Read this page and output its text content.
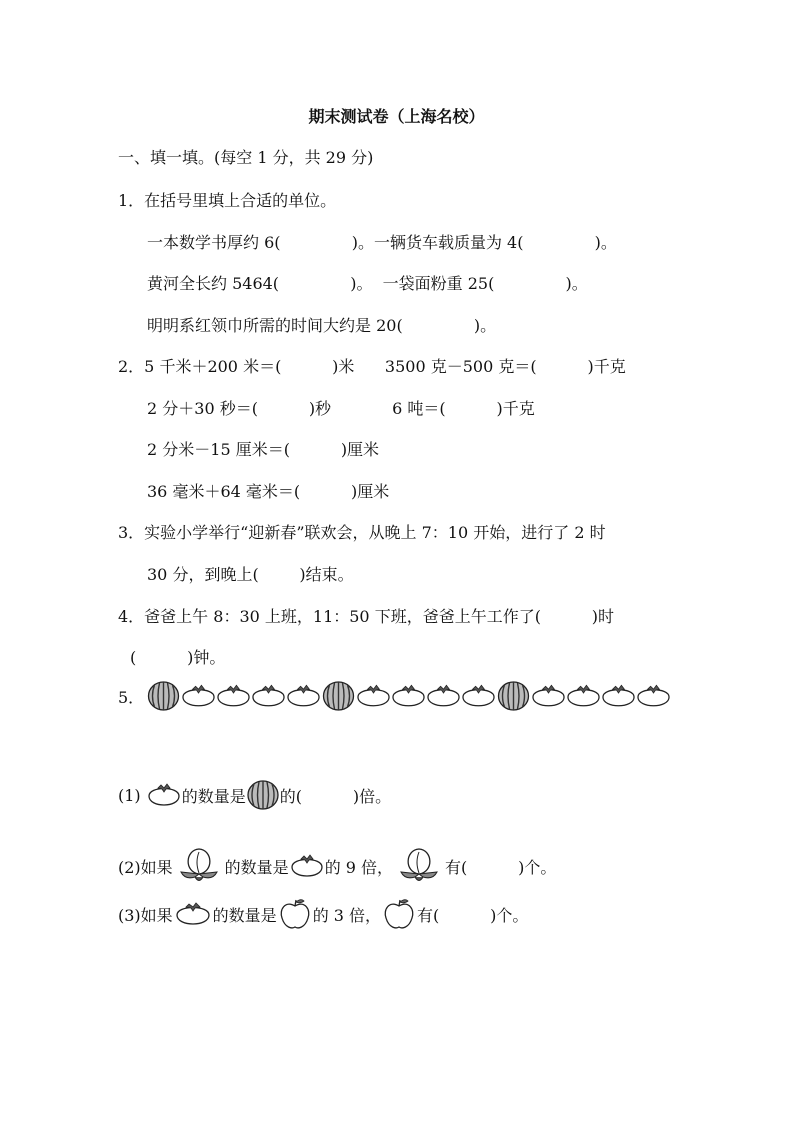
期末测试卷（上海名校）
一、填一填。(每空 1 分，共 29 分)
1．在括号里填上合适的单位。
一本数学书厚约 6(              )。一辆货车载质量为 4(              )。
黄河全长约 5464(              )。  一袋面粉重 25(              )。
明明系红领巾所需的时间大约是 20(              )。
2．5 千米＋200 米＝(          )米      3500 克－500 克＝(          )千克
2 分＋30 秒＝(          )秒            6 吨＝(          )千克
2 分米－15 厘米＝(          )厘米
36 毫米＋64 毫米＝(          )厘米
3．实验小学举行“迎新春”联欢会，从晚上 7：10 开始，进行了 2 时
30 分，到晚上(        )结束。
4．爸爸上午 8：30 上班，11：50 下班，爸爸上午工作了(          )时
(          )钟。
5．
(1)

的数量是

的(          )倍。
(2)如果

	的数量是

的 9 倍，

	有(          )个。
(3)如果

	的数量是

的 3 倍，

有(          )个。
